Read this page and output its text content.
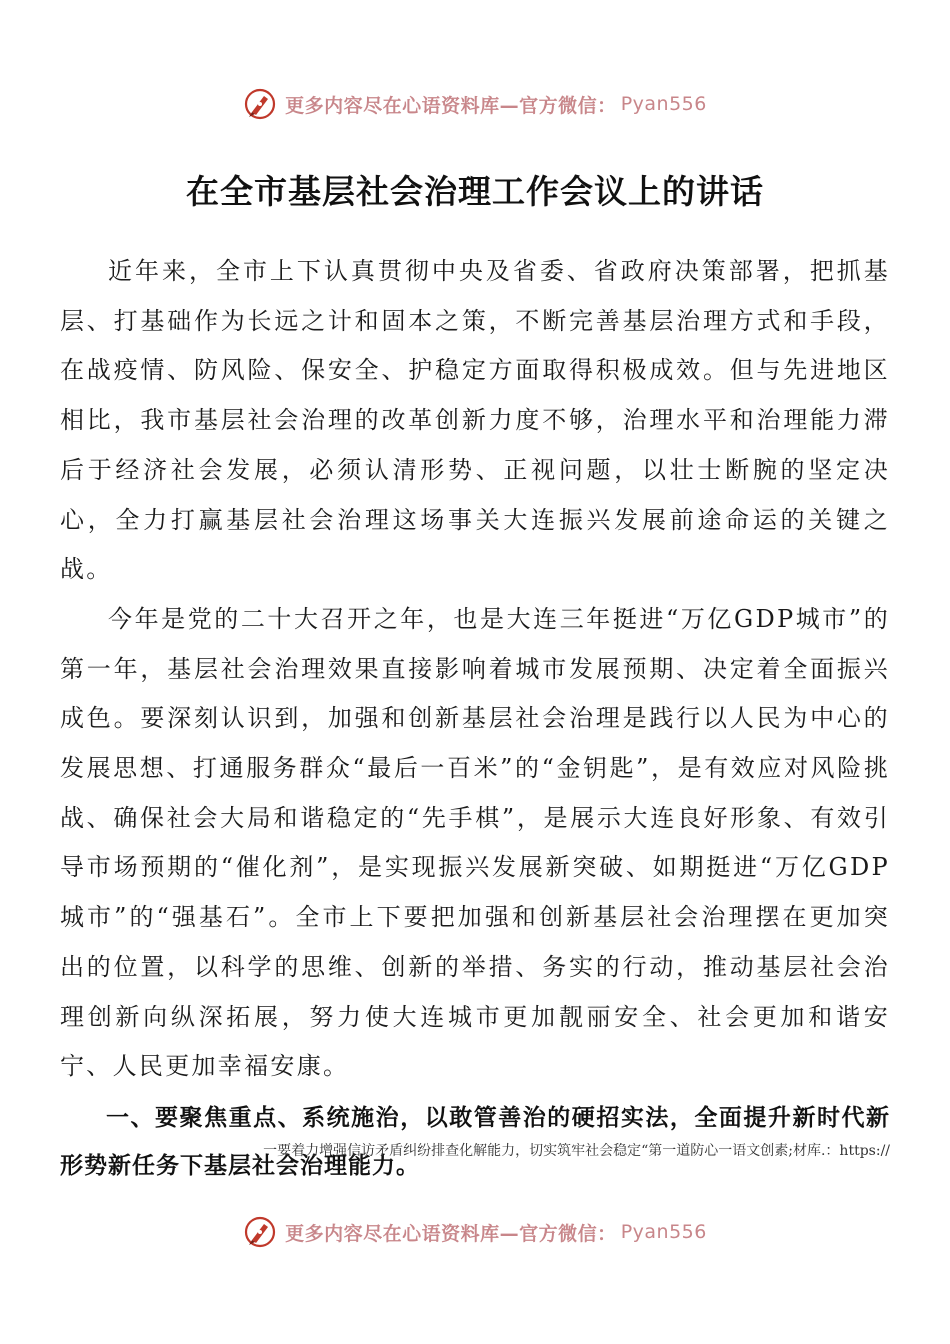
更多内容尽在心语资料库 —官方微信： Pyan556
在全市基层社会治理工作会议上的讲话

近年来，全市上下认真贯彻中央及省委、省政府决策部署，把抓基层、打基础作为长远之计和固本之策，不断完善基层治理方式和手段，在战疫情、防风险、保安全、护稳定方面取得积极成效。但与先进地区相比，我市基层社会治理的改革创新力度不够，治理水平和治理能力滞后于经济社会发展，必须认清形势、正视问题，以壮士断腕的坚定决心，全力打赢基层社会治理这场事关大连振兴发展前途命运的关键之战。

今年是党的二十大召开之年，也是大连三年挺进“万亿GDP城市”的第一年，基层社会治理效果直接影响着城市发展预期、决定着全面振兴成色。要深刻认识到，加强和创新基层社会治理是践行以人民为中心的发展思想、打通服务群众“最后一百米”的“金钥匙”，是有效应对风险挑战、确保社会大局和谐稳定的“先手棋”，是展示大连良好形象、有效引导市场预期的“催化剂”，是实现振兴发展新突破、如期挺进“万亿GDP城市”的“强基石”。全市上下要把加强和创新基层社会治理摆在更加突出的位置，以科学的思维、创新的举措、务实的行动，推动基层社会治理创新向纵深拓展，努力使大连城市更加靓丽安全、社会更加和谐安宁、人民更加幸福安康。

一、要聚焦重点、系统施治，以敢管善治的硬招实法，全面提升新时代新形势新任务下基层社会治理能力。

一要着力增强信访矛盾纠纷排查化解能力，切实筑牢社会稳定“第一道防心一语文创素;材库.：https://
更多内容尽在心语资料库 —官方微信： Pyan556
